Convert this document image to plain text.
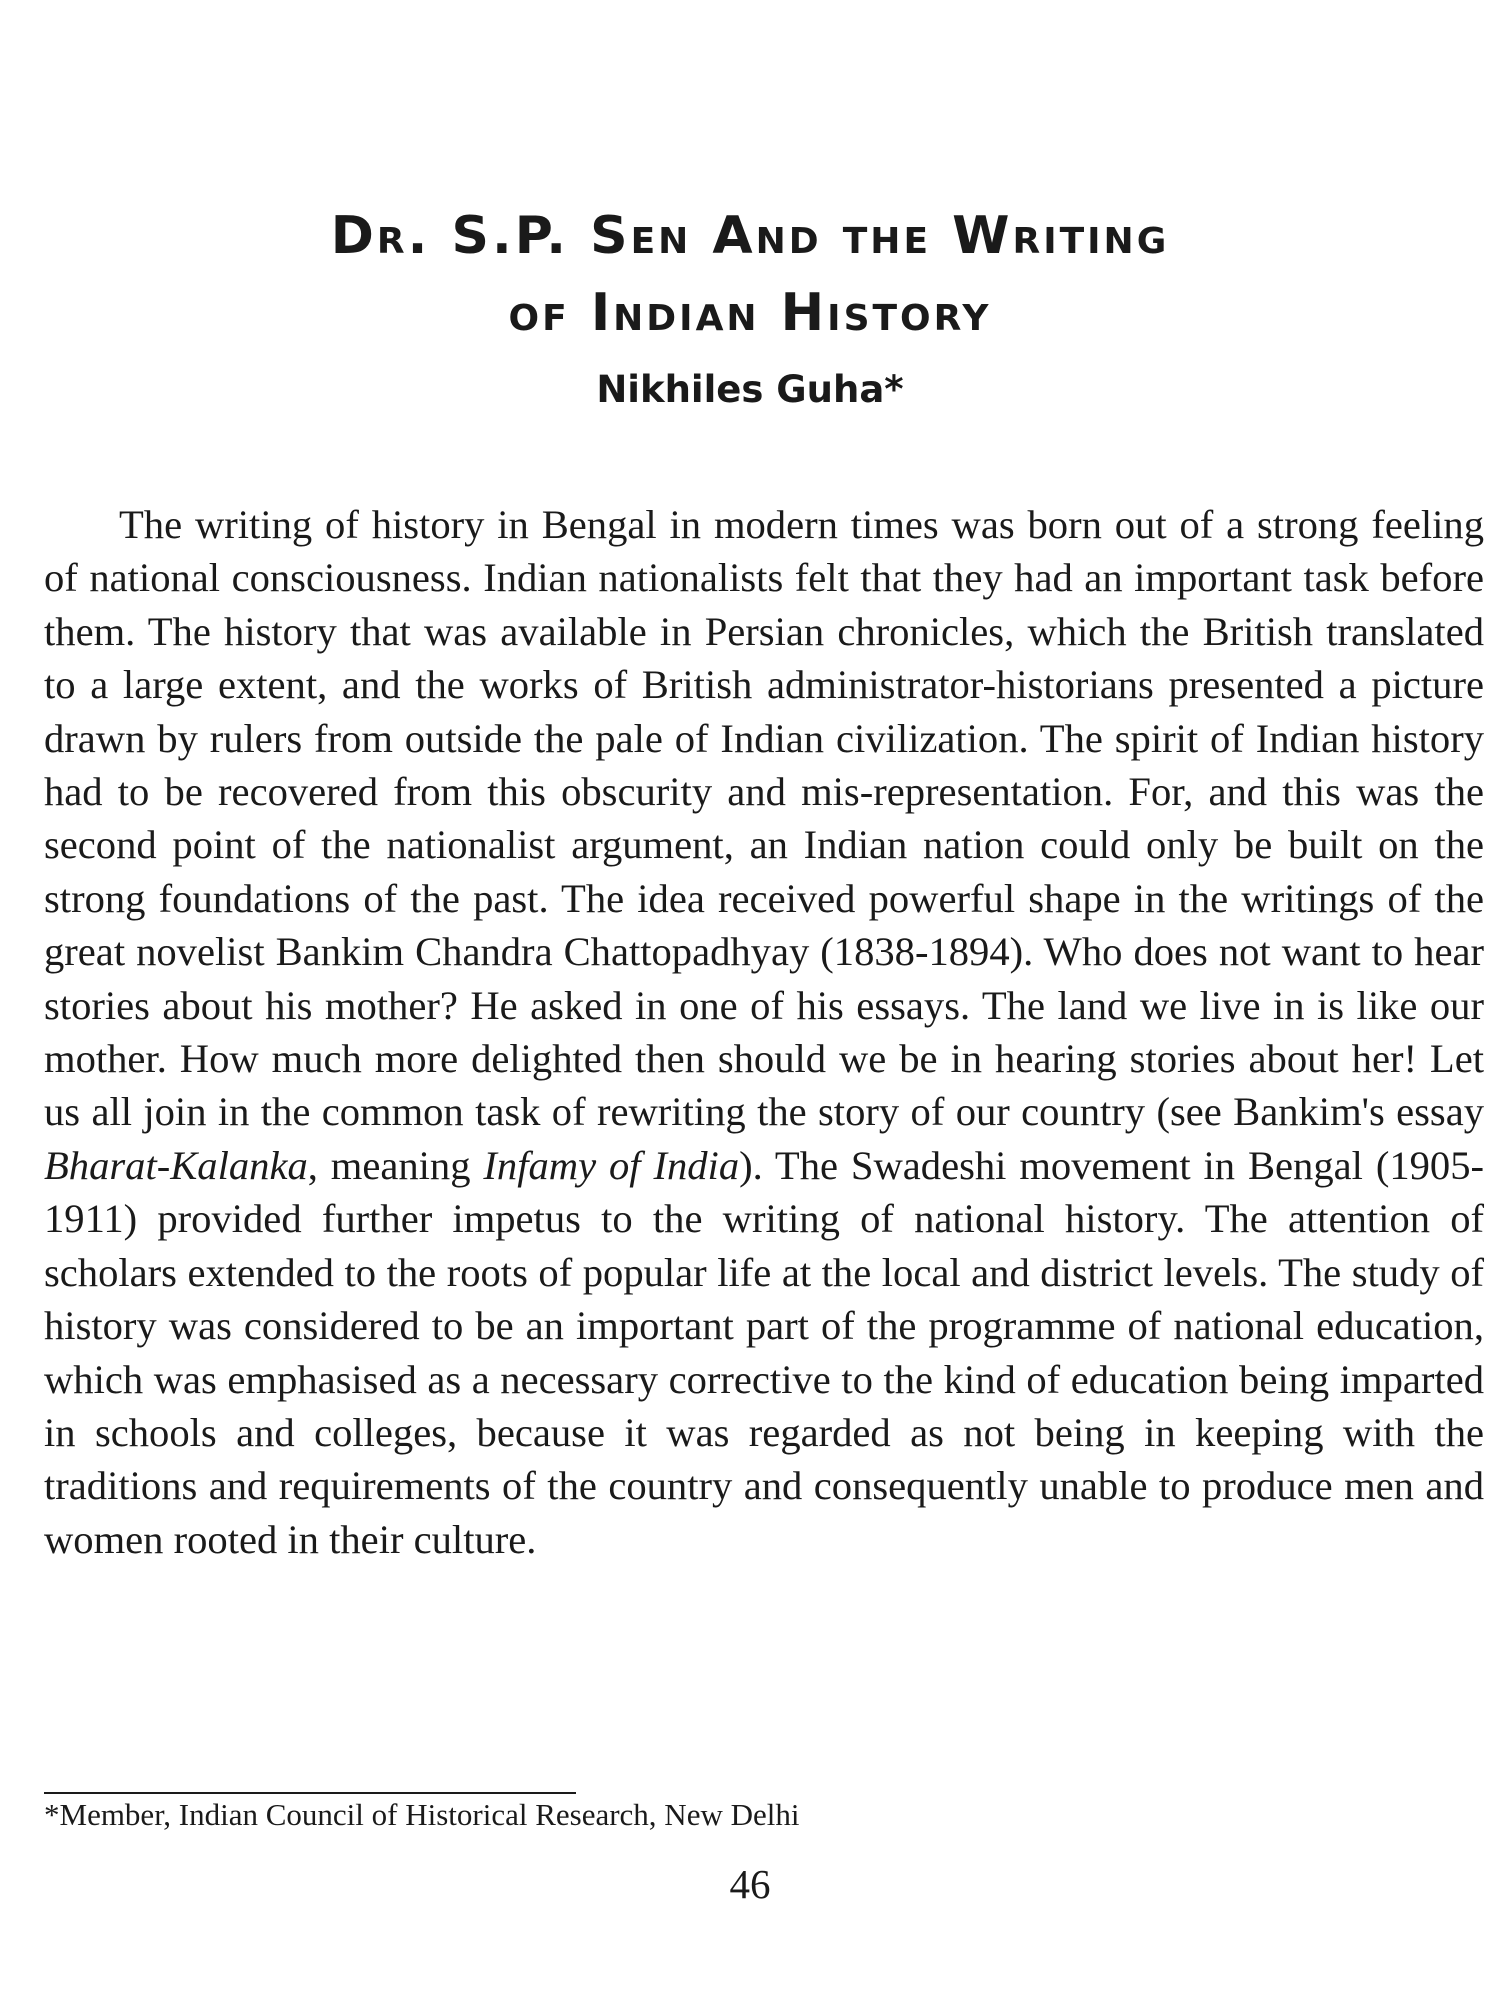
Dr. S.P. Sen And the Writing
of Indian History

Nikhiles Guha*

The writing of history in Bengal in modern times was born out of a strong feeling of national consciousness. Indian nationalists felt that they had an important task before them. The history that was available in Persian chronicles, which the British translated to a large extent, and the works of British administrator-historians presented a picture drawn by rulers from outside the pale of Indian civilization. The spirit of Indian history had to be recovered from this obscurity and mis-representation. For, and this was the second point of the nationalist argument, an Indian nation could only be built on the strong foundations of the past. The idea received powerful shape in the writings of the great novelist Bankim Chandra Chattopadhyay (1838-1894). Who does not want to hear stories about his mother? He asked in one of his essays. The land we live in is like our mother. How much more delighted then should we be in hearing stories about her! Let us all join in the common task of rewriting the story of our country (see Bankim's essay Bharat-Kalanka, meaning Infamy of India). The Swadeshi movement in Bengal (1905-1911) provided further impetus to the writing of national history. The attention of scholars extended to the roots of popular life at the local and district levels. The study of history was considered to be an important part of the programme of national education, which was emphasised as a necessary corrective to the kind of education being imparted in schools and colleges, because it was regarded as not being in keeping with the traditions and requirements of the country and consequently unable to produce men and women rooted in their culture.

*Member, Indian Council of Historical Research, New Delhi

46
